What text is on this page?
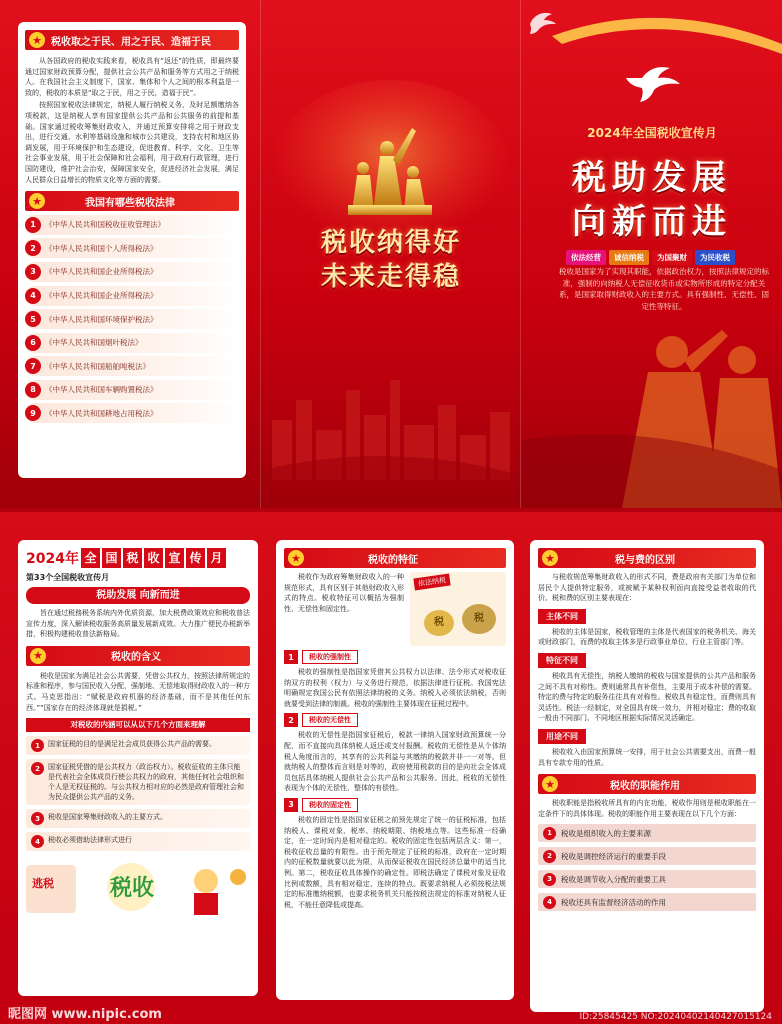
★ 税收取之于民、用之于民、造福于民

从各国政府的税收实践来看，税收具有“返还”的性质，即最终要通过国家财政预算分配，提供社会公共产品和服务等方式用之于纳税人。在我国社会主义制度下，国家、集体和个人之间的根本利益是一致的，税收的本质是“取之于民，用之于民，造福于民”。

按照国家税收法律规定，纳税人履行纳税义务，及时足额缴纳各项税款，这是纳税人享有国家提供公共产品和公共服务的前提和基础。国家通过税收筹集财政收入，并通过预算安排将之用于财政支出，进行交通、水利等基础设施和城市公共建设，支持农村和地区协调发展，用于环境保护和生态建设，促进教育、科学、文化、卫生等社会事业发展，用于社会保障和社会福利，用于政府行政管理，进行国防建设，维护社会治安，保障国家安全，促进经济社会发展，满足人民群众日益增长的物质文化等方面的需要。

★	我国有哪些税收法律
1	《中华人民共和国税收征收管理法》
2	《中华人民共和国个人所得税法》
3	《中华人民共和国企业所得税法》
4	《中华人民共和国企业所得税法》
5	《中华人民共和国环境保护税法》
6	《中华人民共和国烟叶税法》
7	《中华人民共和国船舶吨税法》
8	《中华人民共和国车辆购置税法》
9	《中华人民共和国耕地占用税法》
税收纳得好
未来走得稳
2024年全国税收宣传月
税助发展
向新而进
依法经营 诚信纳税 为国聚财 为民收税

税收是国家为了实现其职能，依据政治权力，按照法律规定的标准，强制的向纳税人无偿征收货币或实物所形成的特定分配关系，是国家取得财政收入的主要方式。具有强制性、无偿性、固定性等特征。

2024年 全 国 税 收 宣 传 月
第33个全国税收宣传月
税助发展 向新而进

旨在通过税務税务系统内外优质资源，加大税费政策效应和税收普法宣传力度，深入解读税收服务高质量发展新成效。大力推广便民办税新举措，积极构建税收普法新格局。

★	税收的含义

税收是国家为满足社会公共需要，凭借公共权力，按照法律所规定的标准和程序，参与国民收入分配，强制地、无偿地取得财政收入的一种方式。马克思指出：“赋税是政府机器的经济基础，而不是其他任何东西。”“国家存在的经济体现就是捐税。”

对税收的内涵可以从以下几个方面来理解
1	国家征税的目的是满足社会成员获得公共产品的需要。
2	国家征税凭借的是公共权力（政治权力）。税收征收的主体只能是代表社会全体成员行使公共权力的政府，其他任何社会组织和个人是无权征税的。与公共权力相对应的必然是政府管理社会和为民众提供公共产品的义务。
3	税收是国家筹集财政收入的主要方式。
4	税收必须借助法律形式进行
逃税	税收
★	税收的特征

税收作为政府筹集财政收入的一种规范形式，具有区别于其他财政收入形式的特点。税收特征可以概括为强制性、无偿性和固定性。

依法纳税
税	税
1	税收的强制性

税收的强制性是指国家凭借其公共权力以法律、法令形式对税收征纳双方的权利（权力）与义务进行规范，依据法律进行征税。我国宪法明确规定我国公民有依照法律纳税的义务。纳税人必须依法纳税，否则就要受到法律的制裁。税收的强制性主要体现在征税过程中。

2	税收的无偿性

税收的无偿性是指国家征税后，税款一律纳入国家财政预算统一分配，而不直接向具体纳税人返还或支付报酬。税收的无偿性是从个体纳税人角度而言的，其享有的公共利益与其缴纳的税款并非一一对等。但就纳税人的整体而言则是对等的，政府使用税款的目的是向社会全体成员包括具体纳税人提供社会公共产品和公共服务。因此，税收的无偿性表现为个体的无偿性、整体的有偿性。

3	税收的固定性

税收的固定性是指国家征税之前预先规定了统一的征税标准，包括纳税人、课税对象、税率、纳税期限、纳税地点等。这些标准一经确定，在一定时间内是相对稳定的。税收的固定性包括两层含义：第一，税收征收总量的有限性。由于预先规定了征税的标准，政府在一定时期内的征税数量就要以此为限，从而保证税收在国民经济总量中的适当比例。第二，税收征收具体操作的确定性。即税法确定了课税对象及征收比例或数额，具有相对稳定、连续的特点。既要求纳税人必须按税法规定的标准缴纳税额，也要求税务机关只能按税法规定的标准对纳税人征税，不能任意降低或提高。

★	税与费的区别

与税收规范筹集财政收入的形式不同，费是政府有关部门为单位和居民个人提供特定服务，或被赋予某种权利而向直接受益者收取的代价。税和费的区别主要表现在：

主体不同

税收的主体是国家，税收管理的主体是代表国家的税务机关、海关或财政部门，而费的收取主体多是行政事业单位、行业主管部门等。

特征不同

税收具有无偿性，纳税人缴纳的税收与国家提供的公共产品和服务之间不具有对称性。费则通常具有补偿性，主要用于成本补偿的需要。特定的费与特定的服务往往具有对称性。税收具有稳定性，而费则具有灵活性。税法一经制定，对全国具有统一效力，并相对稳定；费的收取一般由不同部门、不同地区根据实际情况灵活确定。

用途不同

税收收入由国家预算统一安排，用于社会公共需要支出，而费一般具有专款专用的性质。

★	税收的职能作用

税收职能是指税收所具有的内在功能，税收作用则是税收职能在一定条件下的具体体现。税收的职能作用主要表现在以下几个方面：

1	税收是组织收入的主要来源
2	税收是调控经济运行的重要手段
3	税收是调节收入分配的重要工具
4	税收还具有监督经济活动的作用
昵图网 www.nipic.com	ID:25845425 NO:20240402140427015124
